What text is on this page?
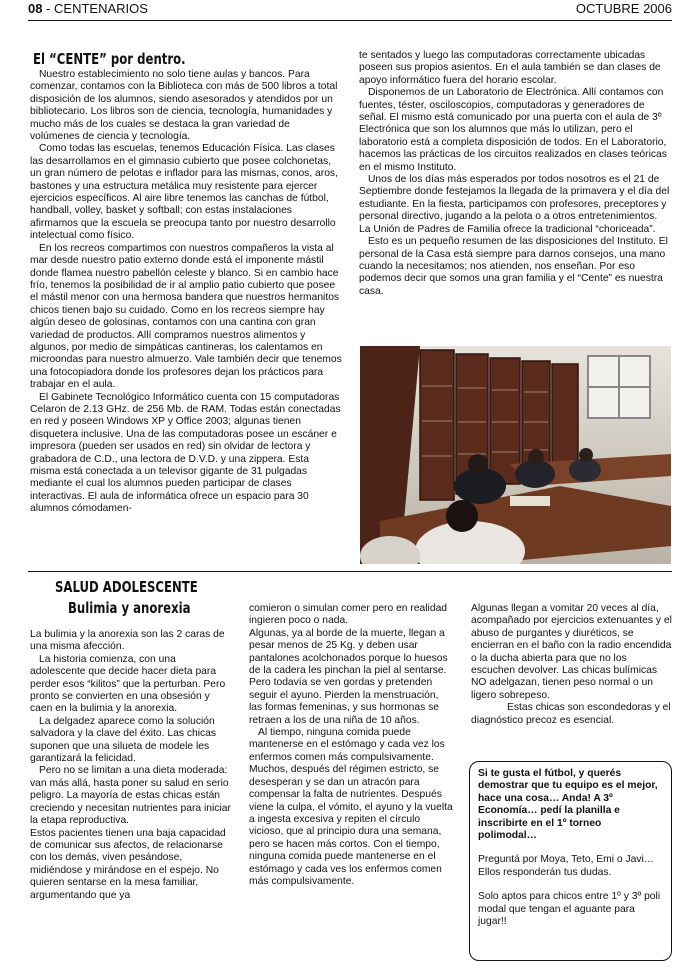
08 - CENTENARIOS	OCTUBRE 2006
El “CENTE” por dentro.

Nuestro establecimiento no solo tiene aulas y bancos. Para comenzar, contamos con la Biblioteca con más de 500 libros a total disposición de los alumnos, siendo asesorados y atendidos por un bibliotecario. Los libros son de ciencia, tecnología, humanidades y mucho más de los cuales se destaca la gran variedad de volúmenes de ciencia y tecnología.

Como todas las escuelas, tenemos Educación Física. Las clases las desarrollamos en el gimnasio cubierto que posee colchonetas, un gran número de pelotas e inflador para las mismas, conos, aros, bastones y una estructura metálica muy resistente para ejercer ejercicios específicos. Al aire libre tenemos las canchas de fútbol, handball, volley, basket y softball; con estas instalaciones afirmamos que la escuela se preocupa tanto por nuestro desarrollo intelectual como físico.

En los recreos compartimos con nuestros compañeros la vista al mar desde nuestro patio externo donde está el imponente mástil donde flamea nuestro pabellón celeste y blanco. Si en cambio hace frío, tenemos la posibilidad de ir al amplio patio cubierto que posee el mástil menor con una hermosa bandera que nuestros hermanitos chicos tienen bajo su cuidado. Como en los recreos siempre hay algún deseo de golosinas, contamos con una cantina con gran variedad de productos. Allí compramos nuestros alimentos y algunos, por medio de simpáticas cantineras, los calentamos en microondas para nuestro almuerzo. Vale también decir que tenemos una fotocopiadora donde los profesores dejan los prácticos para trabajar en el aula.

El Gabinete Tecnológico Informático cuenta con 15 computadoras Celaron de 2.13 GHz. de 256 Mb. de RAM. Todas están conectadas en red y poseen Windows XP y Office 2003; algunas tienen disquetera inclusive. Una de las computadoras posee un escáner e impresora (pueden ser usados en red) sin olvidar de lectora y grabadora de C.D., una lectora de D.V.D. y una zippera. Esta misma está conectada a un televisor gigante de 31 pulgadas mediante el cual los alumnos pueden participar de clases interactivas. El aula de informática ofrece un espacio para 30 alumnos cómodamen-

te sentados y luego las computadoras correctamente ubicadas poseen sus propios asientos. En el aula también se dan clases de apoyo informático fuera del horario escolar.

Disponemos de un Laboratorio de Electrónica. Allí contamos con fuentes, téster, osciloscopios, computadoras y generadores de señal. El mismo está comunicado por una puerta con el aula de 3º Electrónica que son los alumnos que más lo utilizan, pero el laboratorio está a completa disposición de todos. En el Laboratorio, hacemos las prácticas de los circuitos realizados en clases teóricas en el mismo Instituto.

Unos de los días más esperados por todos nosotros es el 21 de Septiembre donde festejamos la llegada de la primavera y el día del estudiante. En la fiesta, participamos con profesores, preceptores y personal directivo, jugando a la pelota o a otros entretenimientos. La Unión de Padres de Familia ofrece la tradicional “choriceada”.

Esto es un pequeño resumen de las disposiciones del Instituto. El personal de la Casa está siempre para darnos consejos, una mano cuando la necesitamos; nos atienden, nos enseñan. Por eso podemos decir que somos una gran familia y el “Cente” es nuestra casa.

SALUD ADOLESCENTE
Bulimia y anorexia

La bulimia y la anorexia son las 2 caras de una misma afección.

La historia comienza, con una adolescente que decide hacer dieta para perder esos “kilitos” que la perturban. Pero pronto se convierten en una obsesión y caen en la bulimia y la anorexia.

La delgadez aparece como la solución salvadora y la clave del éxito. Las chicas suponen que una silueta de modele les garantizará la felicidad.

Pero no se limitan a una dieta moderada: van más allá, hasta poner su salud en serio peligro. La mayoría de estas chicas están creciendo y necesitan nutrientes para iniciar la etapa reproductiva.

Estos pacientes tienen una baja capacidad de comunicar sus afectos, de relacionarse con los demás, viven pesándose, midiéndose y mirándose en el espejo. No quieren sentarse en la mesa familiar, argumentando que ya

comieron o simulan comer pero en realidad ingieren poco o nada.

Algunas, ya al borde de la muerte, llegan a pesar menos de 25 Kg. y deben usar pantalones acolchonados porque lo huesos de la cadera les pinchan la piel al sentarse. Pero todavía se ven gordas y pretenden seguir el ayuno. Pierden la menstruación, las formas femeninas, y sus hormonas se retraen a los de una niña de 10 años.

Al tiempo, ninguna comida puede mantenerse en el estómago y cada vez los enfermos comen más compulsivamente.

Muchos, después del régimen estricto, se desesperan y se dan un atracón para compensar la falta de nutrientes. Después viene la culpa, el vómito, el ayuno y la vuelta a ingesta excesiva y repiten el círculo vicioso, que al principio dura una semana, pero se hacen más cortos. Con el tiempo, ninguna comida puede mantenerse en el estómago y cada ves los enfermos comen más compulsivamente.

Algunas llegan a vomitar 20 veces al día, acompañado por ejercicios extenuantes y el abuso de purgantes y diuréticos, se encierran en el baño con la radio encendida o la ducha abierta para que no los escuchen devolver. Las chicas bulímicas NO adelgazan, tienen peso normal o un ligero sobrepeso.

Estas chicas son escondedoras y el diagnóstico precoz es esencial.

Si te gusta el fútbol, y querés demostrar que tu equipo es el mejor, hace una cosa… Anda! A 3º Economía… pedí la planilla e inscribirte en el 1º torneo polimodal…

Preguntá por Moya, Teto, Emi o Javi… Ellos responderán tus dudas.

Solo aptos para chicos entre 1º y 3º poli modal que tengan el aguante para jugar!!
